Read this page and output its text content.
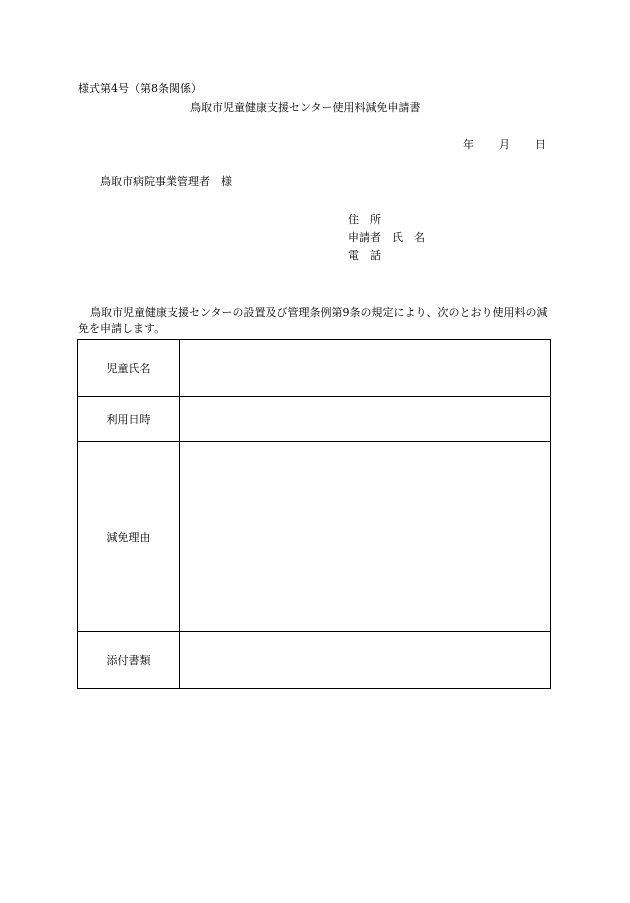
様式第4号（第8条関係）
鳥取市児童健康支援センター使用料減免申請書
年 月 日
鳥取市病院事業管理者　様
住　所
申請者　氏　名
電　話
鳥取市児童健康支援センターの設置及び管理条例第9条の規定により、次のとおり使用料の減免を申請します。
児童氏名	
利用日時	
減免理由	
添付書類	
